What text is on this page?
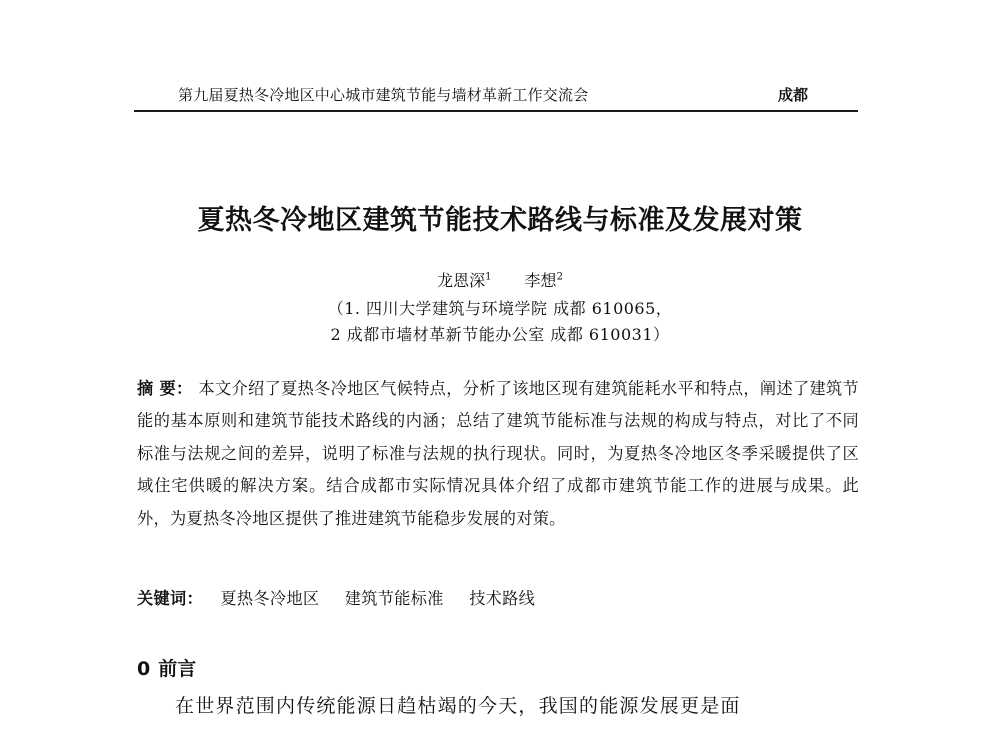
第九届夏热冬冷地区中心城市建筑节能与墙材革新工作交流会	成都
夏热冬冷地区建筑节能技术路线与标准及发展对策
龙恩深$^1$ 李想$^2$
（1. 四川大学建筑与环境学院 成都 610065，
2 成都市墙材革新节能办公室 成都 610031）
摘 要： 本文介绍了夏热冬冷地区气候特点，分析了该地区现有建筑能耗水平和特点，阐述了建筑节能的基本原则和建筑节能技术路线的内涵；总结了建筑节能标准与法规的构成与特点，对比了不同标准与法规之间的差异，说明了标准与法规的执行现状。同时，为夏热冬冷地区冬季采暖提供了区域住宅供暖的解决方案。结合成都市实际情况具体介绍了成都市建筑节能工作的进展与成果。此外，为夏热冬冷地区提供了推进建筑节能稳步发展的对策。
关键词： 夏热冬冷地区 建筑节能标准 技术路线
0 前言
在世界范围内传统能源日趋枯竭的今天，我国的能源发展更是面
